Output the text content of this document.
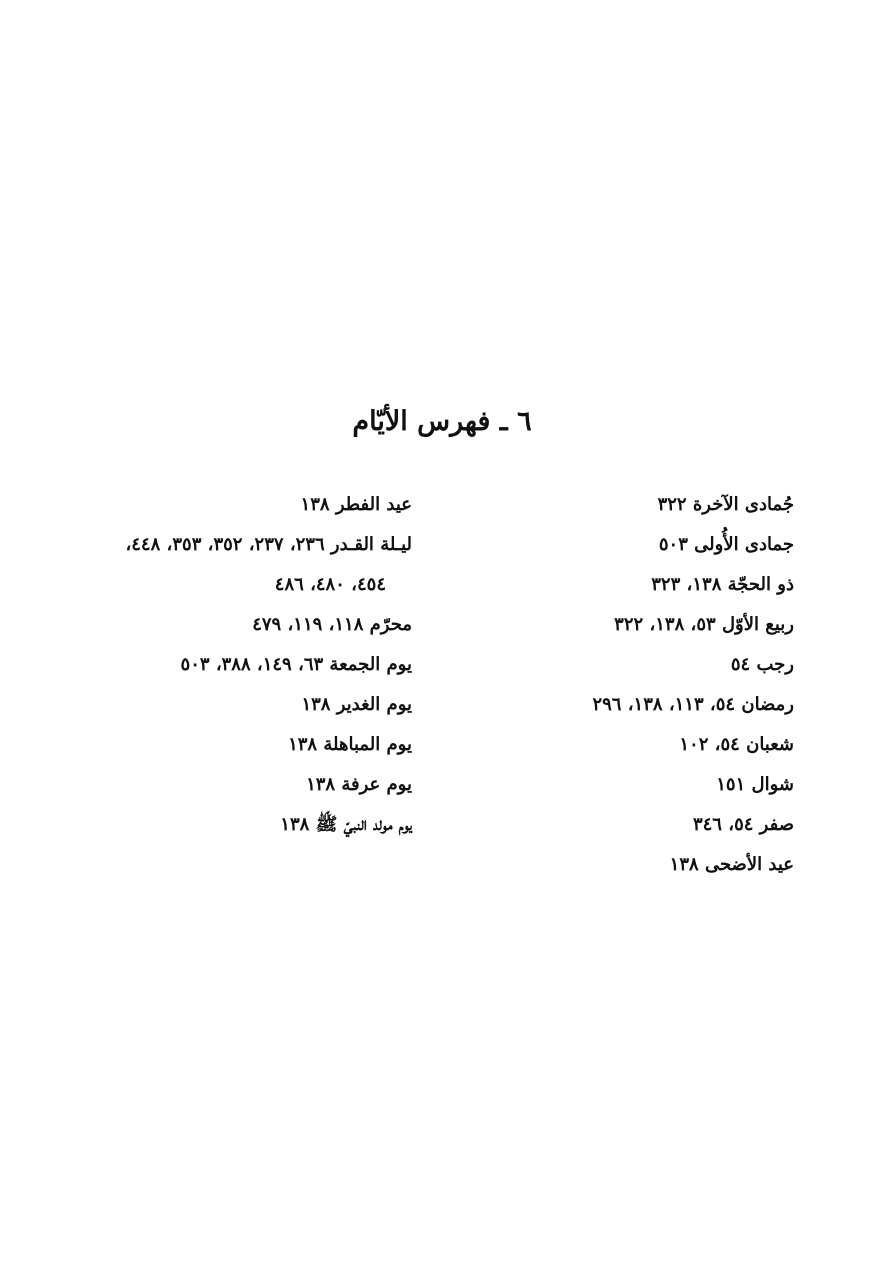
٦ ـ فهرس الأيّام
جُمادى الآخرة ٣٢٢
جمادى الأُولى ٥٠٣
ذو الحجّة ١٣٨، ٣٢٣
ربيع الأوّل ٥٣، ١٣٨، ٣٢٢
رجب ٥٤
رمضان ٥٤، ١١٣، ١٣٨، ٢٩٦
شعبان ٥٤، ١٠٢
شوال ١٥١
صفر ٥٤، ٣٤٦
عيد الأضحى ١٣٨
عيد الفطر ١٣٨
ليـلة القـدر ٢٣٦، ٢٣٧، ٣٥٢، ٣٥٣، ٤٤٨،
٤٥٤، ٤٨٠، ٤٨٦
محرّم ١١٨، ١١٩، ٤٧٩
يوم الجمعة ٦٣، ١٤٩، ٣٨٨، ٥٠٣
يوم الغدير ١٣٨
يوم المباهلة ١٣٨
يوم عرفة ١٣٨
يوم مولد النبيّ ﷺ ١٣٨
